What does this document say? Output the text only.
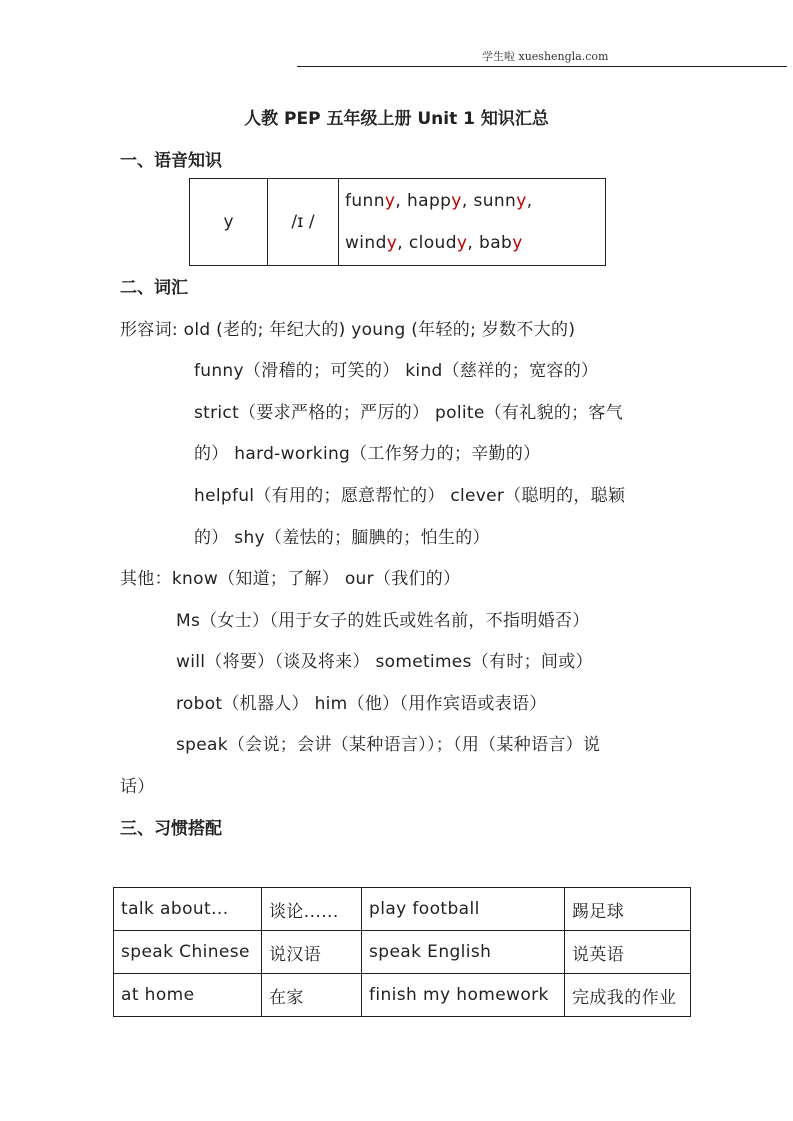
学生啦 xueshengla.com
人教 PEP 五年级上册 Unit 1 知识汇总
一、语音知识
y	/ɪ /	
funny, happy, sunny,
windy, cloudy, baby
二、词汇
形容词: old (老的; 年纪大的) young (年轻的; 岁数不大的)
funny（滑稽的；可笑的） kind（慈祥的；宽容的）
strict（要求严格的；严厉的） polite（有礼貌的；客气
的） hard-working（工作努力的；辛勤的）
helpful（有用的；愿意帮忙的） clever（聪明的，聪颖
的） shy（羞怯的；腼腆的；怕生的）
其他：know（知道；了解） our（我们的）
Ms（女士）（用于女子的姓氏或姓名前，不指明婚否）
will（将要）（谈及将来） sometimes（有时；间或）
robot（机器人） him（他）（用作宾语或表语）
speak（会说；会讲（某种语言））；（用（某种语言）说
话）
三、习惯搭配
talk about...	谈论......	play football	踢足球
speak Chinese	说汉语	speak English	说英语
at home	在家	finish my homework	完成我的作业
